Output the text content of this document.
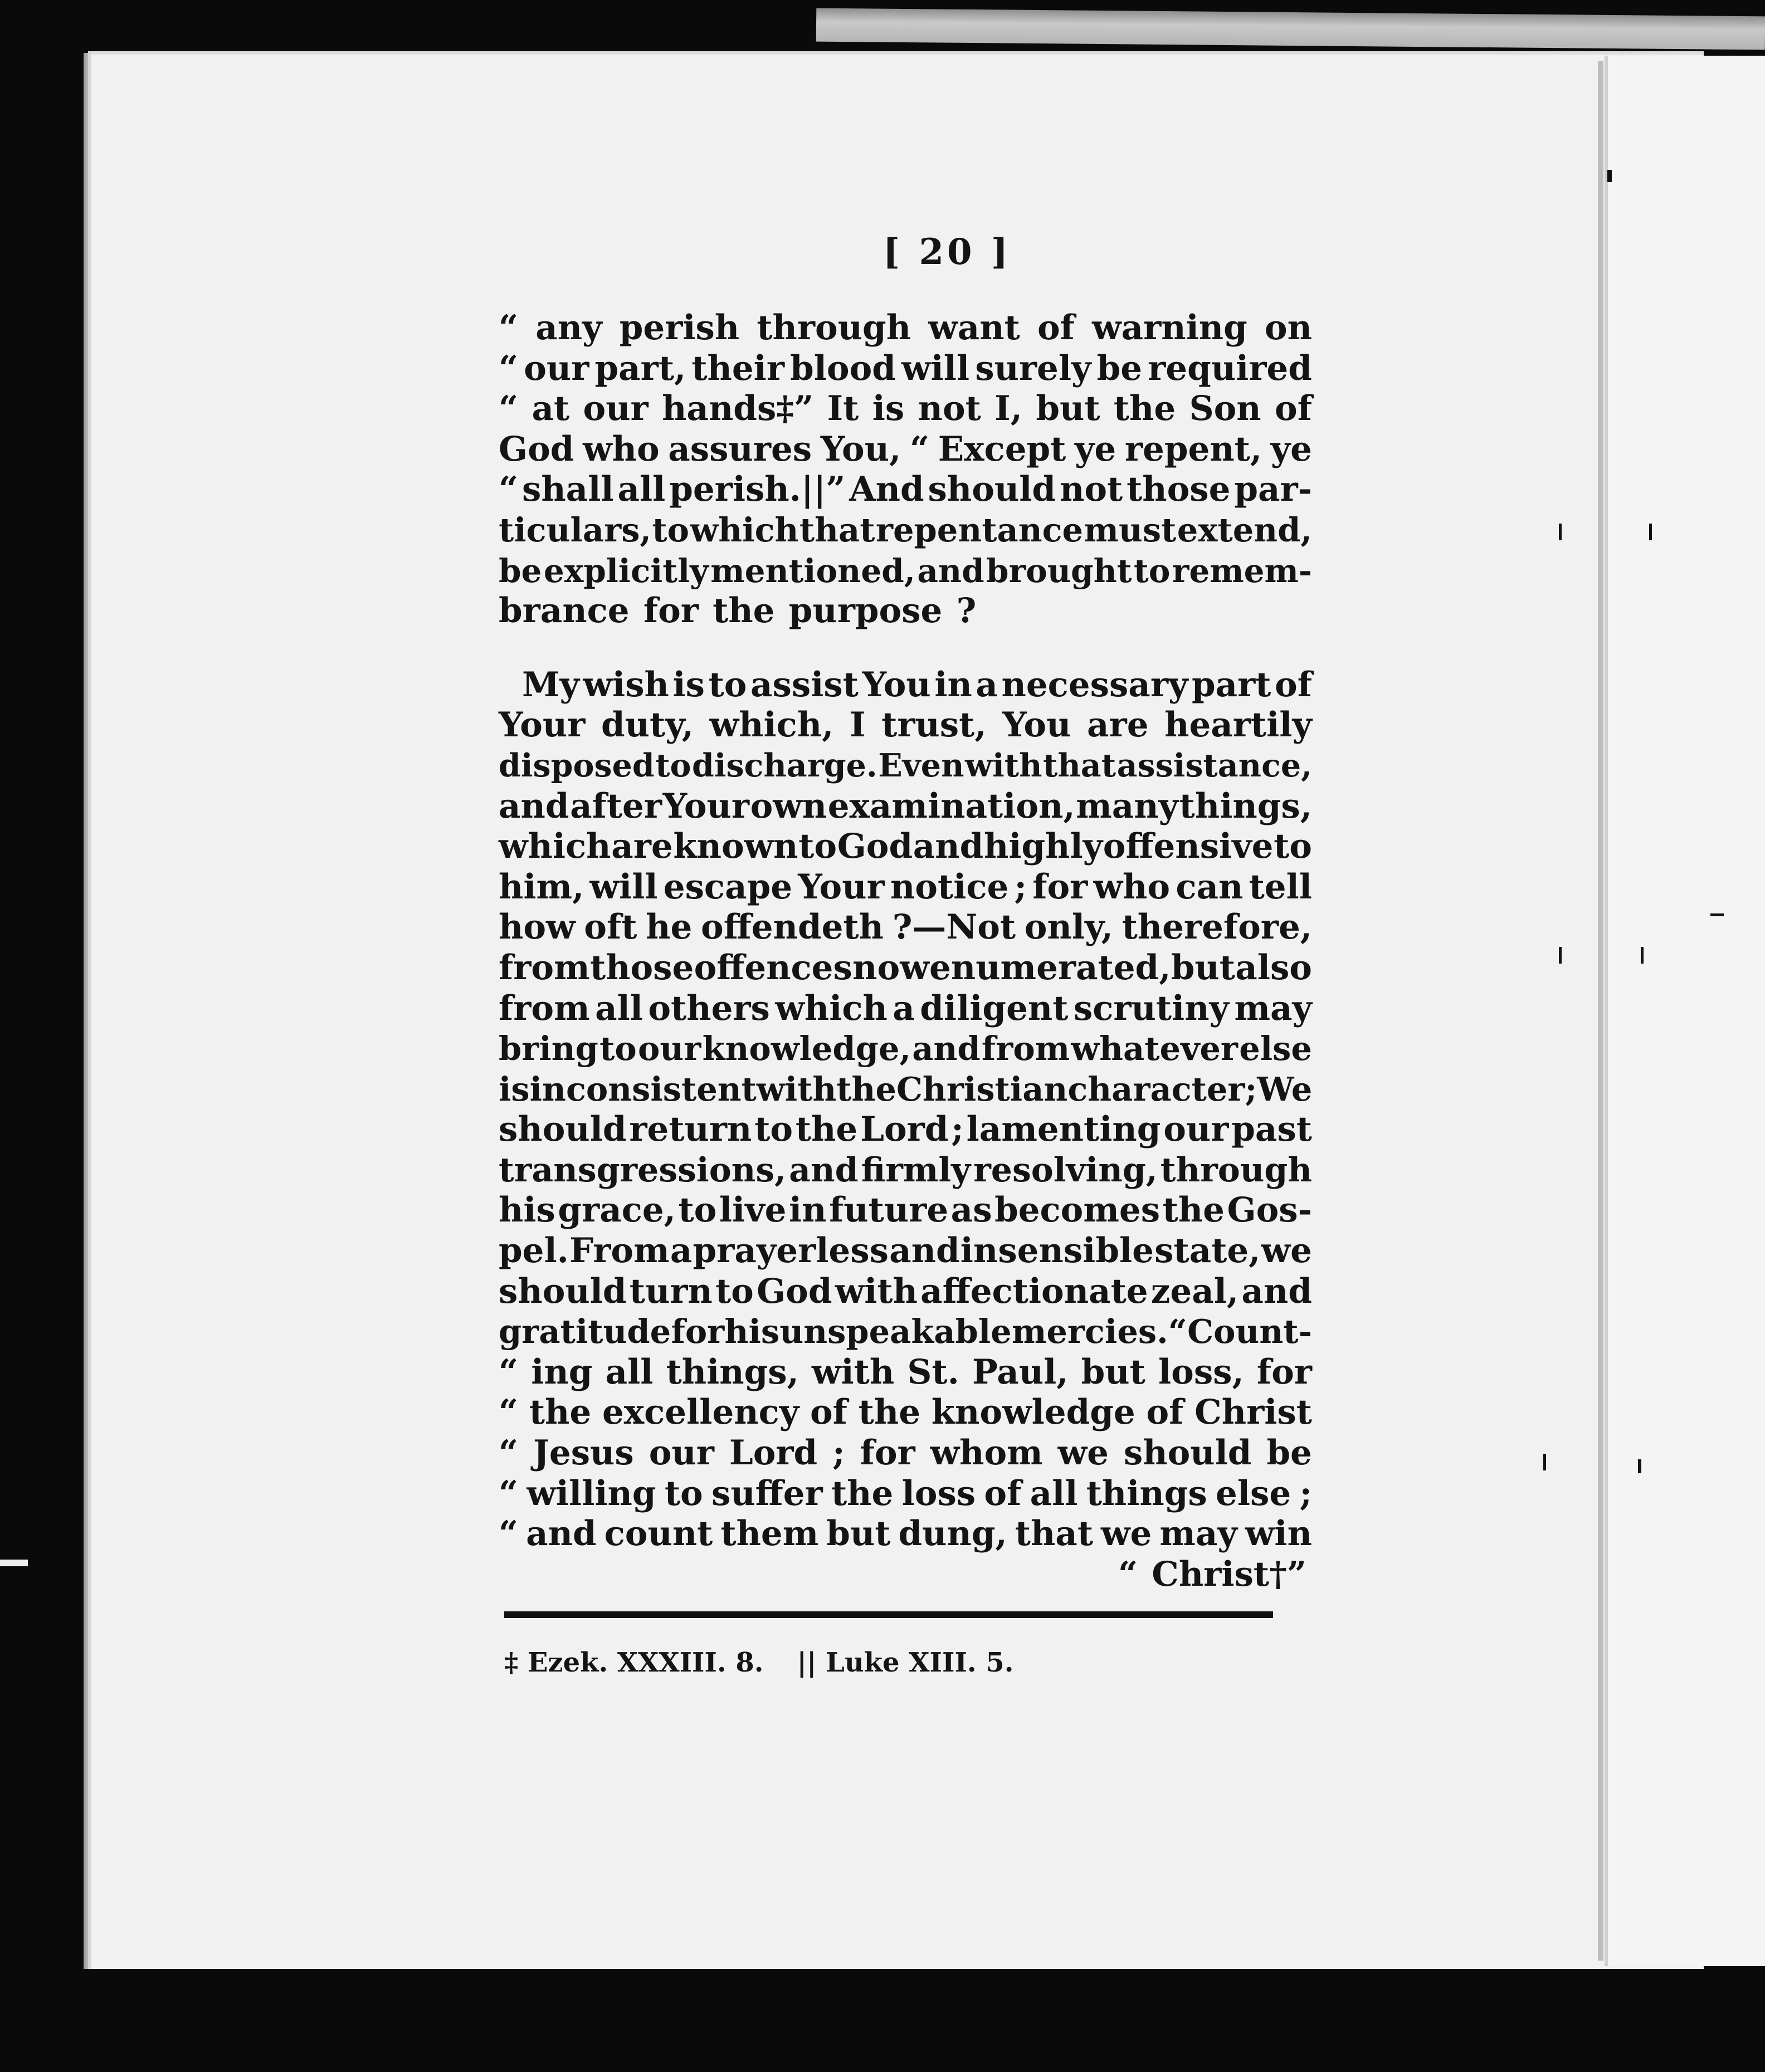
[ 20 ]
“ any perish through want of warning on
“ our part, their blood will surely be required
“ at our hands‡” It is not I, but the Son of
God who assures You, “ Except ye repent, ye
“ shall all perish.||” And should not those par-
ticulars, to which that repentance must extend,
be explicitly mentioned, and brought to remem-
brance for the purpose ?
My wish is to assist You in a necessary part of
Your duty, which, I trust, You are heartily
disposed to discharge. Even with that assistance,
and after Your own examination, many things,
which are known to God and highly offensive to
him, will escape Your notice ; for who can tell
how oft he offendeth ?—Not only, therefore,
from those offences now enumerated, but also
from all others which a diligent scrutiny may
bring to our knowledge, and from whatever else
is inconsistent with the Christian character ; We
should return to the Lord ; lamenting our past
transgressions, and firmly resolving, through
his grace, to live in future as becomes the Gos-
pel. From a prayerless and insensible state, we
should turn to God with affectionate zeal, and
gratitude for his unspeakable mercies. “ Count-
“ ing all things, with St. Paul, but loss, for
“ the excellency of the knowledge of Christ
“ Jesus our Lord ; for whom we should be
“ willing to suffer the loss of all things else ;
“ and count them but dung, that we may win
“ Christ†”
‡ Ezek. XXXIII. 8. || Luke XIII. 5.
